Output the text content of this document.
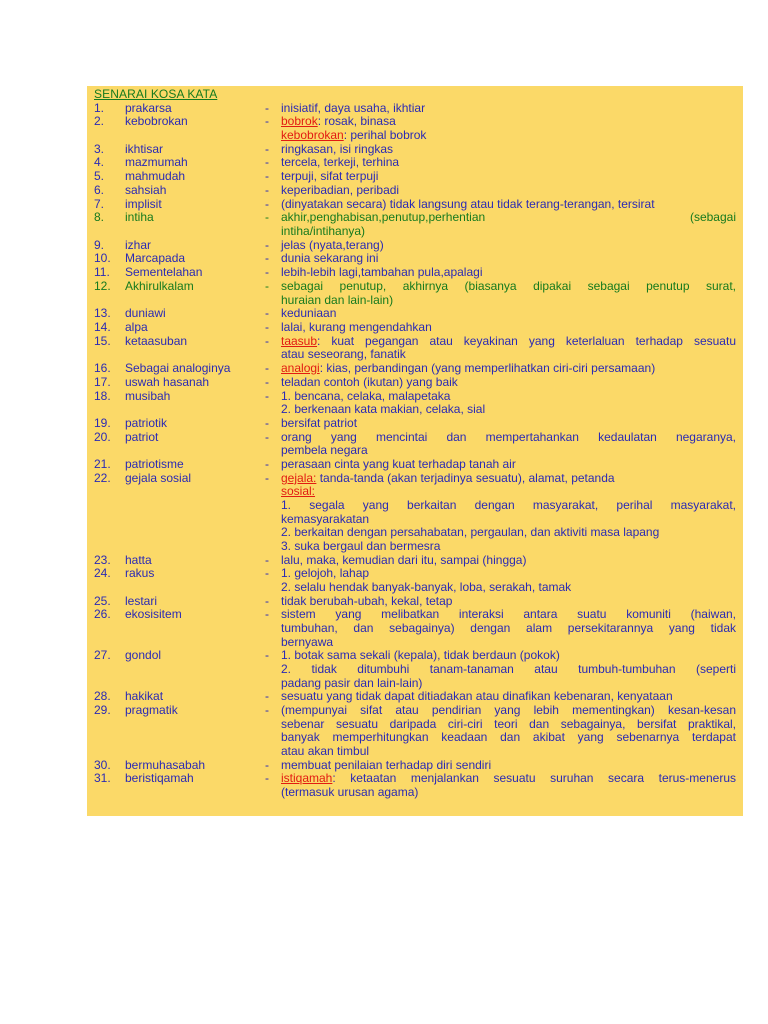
SENARAI KOSA KATA
1.	prakarsa	- inisiatif, daya usaha, ikhtiar
2.	kebobrokan	- bobrok: rosak, binasa
kebobrokan: perihal bobrok
3.	ikhtisar	- ringkasan, isi ringkas
4.	mazmumah	- tercela, terkeji, terhina
5.	mahmudah	- terpuji, sifat terpuji
6.	sahsiah	- keperibadian, peribadi
7.	implisit	- (dinyatakan secara) tidak langsung atau tidak terang-terangan, tersirat
8.	intiha	- akhir,penghabisan,penutup,perhentian (sebagai
intiha/intihanya)
9.	izhar	- jelas (nyata,terang)
10.	Marcapada	- dunia sekarang ini
11.	Sementelahan	- lebih-lebih lagi,tambahan pula,apalagi
12.	Akhirulkalam	- sebagai penutup, akhirnya (biasanya dipakai sebagai penutup surat,
huraian dan lain-lain)
13.	duniawi	- keduniaan
14.	alpa	- lalai, kurang mengendahkan
15.	ketaasuban	- taasub: kuat pegangan atau keyakinan yang keterlaluan terhadap sesuatu
atau seseorang, fanatik
16.	Sebagai analoginya	- analogi: kias, perbandingan (yang memperlihatkan ciri-ciri persamaan)
17.	uswah hasanah	- teladan contoh (ikutan) yang baik
18.	musibah	- 1. bencana, celaka, malapetaka
2. berkenaan kata makian, celaka, sial
19.	patriotik	- bersifat patriot
20.	patriot	- orang yang mencintai dan mempertahankan kedaulatan negaranya,
pembela negara
21.	patriotisme	- perasaan cinta yang kuat terhadap tanah air
22.	gejala sosial	- gejala: tanda-tanda (akan terjadinya sesuatu), alamat, petanda
sosial:
1. segala yang berkaitan dengan masyarakat, perihal masyarakat,
kemasyarakatan
2. berkaitan dengan persahabatan, pergaulan, dan aktiviti masa lapang
3. suka bergaul dan bermesra
23.	hatta	- lalu, maka, kemudian dari itu, sampai (hingga)
24.	rakus	- 1. gelojoh, lahap
2. selalu hendak banyak-banyak, loba, serakah, tamak
25.	lestari	- tidak berubah-ubah, kekal, tetap
26.	ekosisitem	- sistem yang melibatkan interaksi antara suatu komuniti (haiwan,
tumbuhan, dan sebagainya) dengan alam persekitarannya yang tidak
bernyawa
27.	gondol	- 1. botak sama sekali (kepala), tidak berdaun (pokok)
2. tidak ditumbuhi tanam-tanaman atau tumbuh-tumbuhan (seperti
padang pasir dan lain-lain)
28.	hakikat	- sesuatu yang tidak dapat ditiadakan atau dinafikan kebenaran, kenyataan
29.	pragmatik	- (mempunyai sifat atau pendirian yang lebih mementingkan) kesan-kesan
sebenar sesuatu daripada ciri-ciri teori dan sebagainya, bersifat praktikal,
banyak memperhitungkan keadaan dan akibat yang sebenarnya terdapat
atau akan timbul
30.	bermuhasabah	- membuat penilaian terhadap diri sendiri
31.	beristiqamah	- istiqamah: ketaatan menjalankan sesuatu suruhan secara terus-menerus
(termasuk urusan agama)
